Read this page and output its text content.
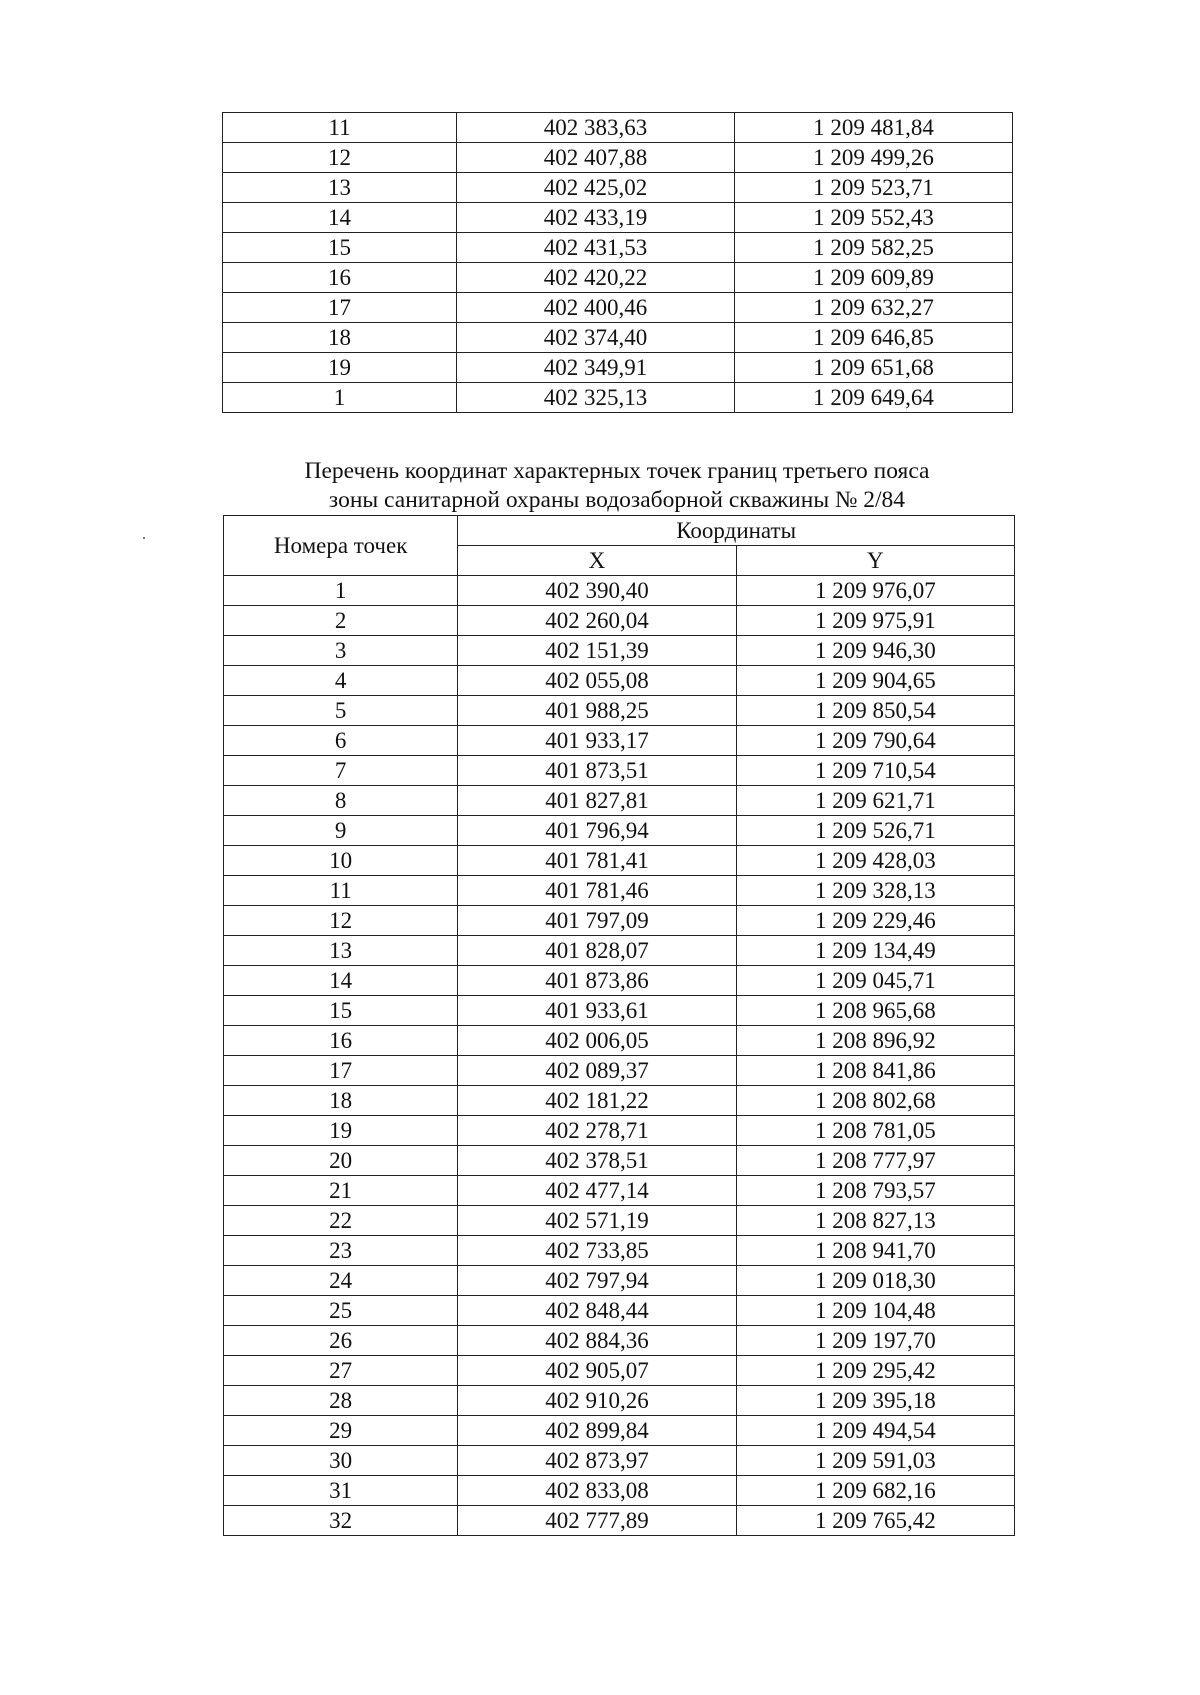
11	402 383,63	1 209 481,84
12	402 407,88	1 209 499,26
13	402 425,02	1 209 523,71
14	402 433,19	1 209 552,43
15	402 431,53	1 209 582,25
16	402 420,22	1 209 609,89
17	402 400,46	1 209 632,27
18	402 374,40	1 209 646,85
19	402 349,91	1 209 651,68
1	402 325,13	1 209 649,64
Перечень координат характерных точек границ третьего пояса
зоны санитарной охраны водозаборной скважины № 2/84
Номера точек	Координаты	
	X	Y
1	402 390,40	1 209 976,07
2	402 260,04	1 209 975,91
3	402 151,39	1 209 946,30
4	402 055,08	1 209 904,65
5	401 988,25	1 209 850,54
6	401 933,17	1 209 790,64
7	401 873,51	1 209 710,54
8	401 827,81	1 209 621,71
9	401 796,94	1 209 526,71
10	401 781,41	1 209 428,03
11	401 781,46	1 209 328,13
12	401 797,09	1 209 229,46
13	401 828,07	1 209 134,49
14	401 873,86	1 209 045,71
15	401 933,61	1 208 965,68
16	402 006,05	1 208 896,92
17	402 089,37	1 208 841,86
18	402 181,22	1 208 802,68
19	402 278,71	1 208 781,05
20	402 378,51	1 208 777,97
21	402 477,14	1 208 793,57
22	402 571,19	1 208 827,13
23	402 733,85	1 208 941,70
24	402 797,94	1 209 018,30
25	402 848,44	1 209 104,48
26	402 884,36	1 209 197,70
27	402 905,07	1 209 295,42
28	402 910,26	1 209 395,18
29	402 899,84	1 209 494,54
30	402 873,97	1 209 591,03
31	402 833,08	1 209 682,16
32	402 777,89	1 209 765,42
